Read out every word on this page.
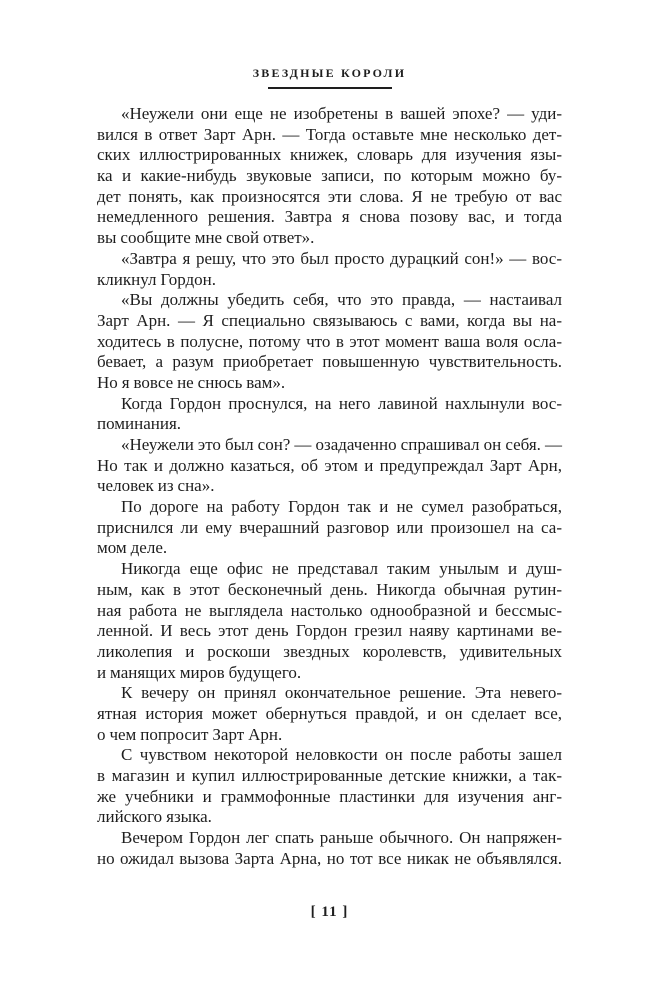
ЗВЕЗДНЫЕ КОРОЛИ
«Неужели они еще не изобретены в вашей эпохе? — уди-
вился в ответ Зарт Арн. — Тогда оставьте мне несколько дет-
ских иллюстрированных книжек, словарь для изучения язы-
ка и какие-нибудь звуковые записи, по которым можно бу-
дет понять, как произносятся эти слова. Я не требую от вас
немедленного решения. Завтра я снова позову вас, и тогда
вы сообщите мне свой ответ».
«Завтра я решу, что это был просто дурацкий сон!» — вос-
кликнул Гордон.
«Вы должны убедить себя, что это правда, — настаивал
Зарт Арн. — Я специально связываюсь с вами, когда вы на-
ходитесь в полусне, потому что в этот момент ваша воля осла-
бевает, а разум приобретает повышенную чувствительность.
Но я вовсе не снюсь вам».
Когда Гордон проснулся, на него лавиной нахлынули вос-
поминания.
«Неужели это был сон? — озадаченно спрашивал он себя. —
Но так и должно казаться, об этом и предупреждал Зарт Арн,
человек из сна».
По дороге на работу Гордон так и не сумел разобраться,
приснился ли ему вчерашний разговор или произошел на са-
мом деле.
Никогда еще офис не представал таким унылым и душ-
ным, как в этот бесконечный день. Никогда обычная рутин-
ная работа не выглядела настолько однообразной и бессмыс-
ленной. И весь этот день Гордон грезил наяву картинами ве-
ликолепия и роскоши звездных королевств, удивительных
и манящих миров будущего.
К вечеру он принял окончательное решение. Эта невero-
ятная история может обернуться правдой, и он сделает все,
о чем попросит Зарт Арн.
С чувством некоторой неловкости он после работы зашел
в магазин и купил иллюстрированные детские книжки, а так-
же учебники и граммофонные пластинки для изучения анг-
лийского языка.
Вечером Гордон лег спать раньше обычного. Он напряжен-
но ожидал вызова Зарта Арна, но тот все никак не объявлялся.
[ 11 ]
